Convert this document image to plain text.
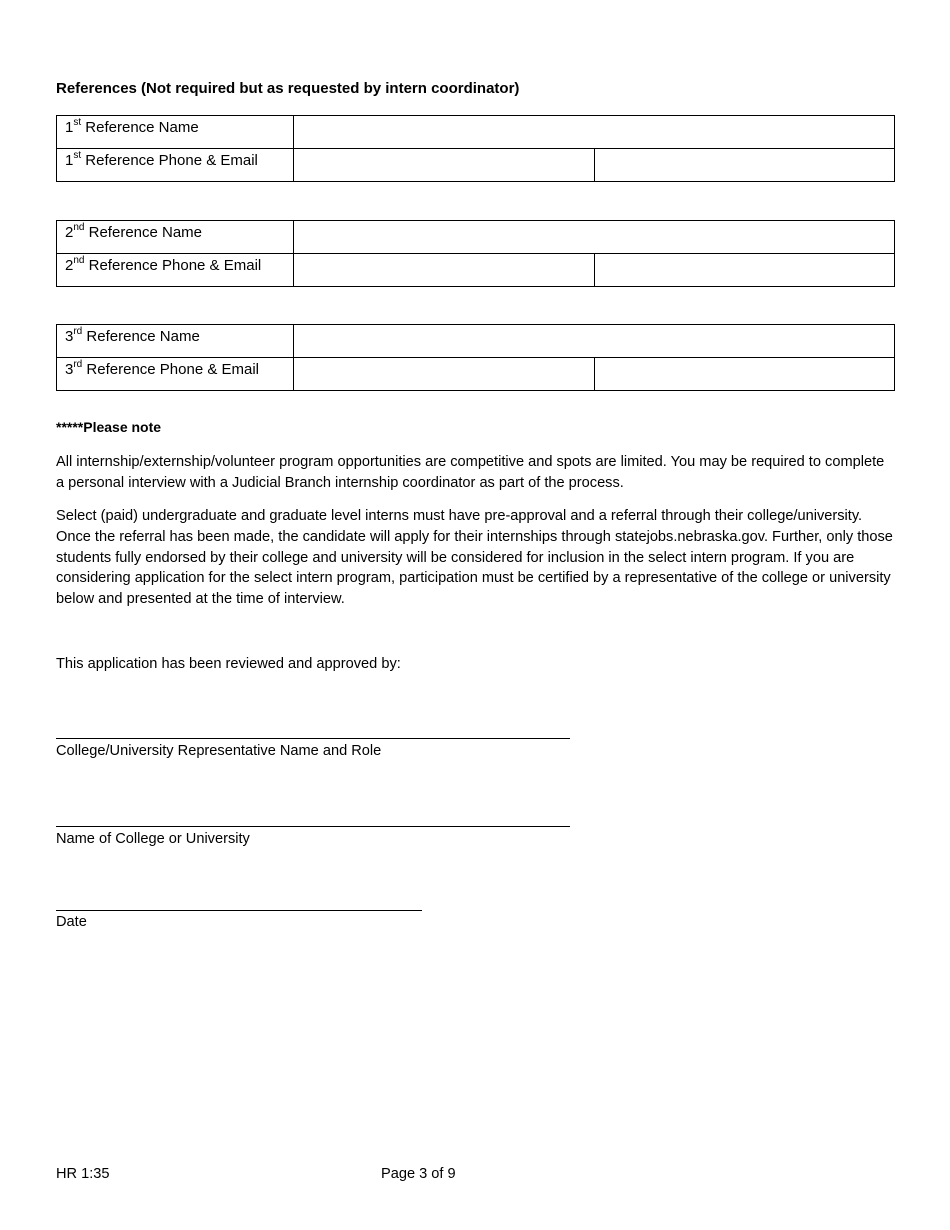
References (Not required but as requested by intern coordinator)
1st Reference Name		
1st Reference Phone & Email		
2nd Reference Name		
2nd Reference Phone & Email		
3rd Reference Name		
3rd Reference Phone & Email		
*****Please note
All internship/externship/volunteer program opportunities are competitive and spots are limited. You may be required to complete a personal interview with a Judicial Branch internship coordinator as part of the process.
Select (paid) undergraduate and graduate level interns must have pre-approval and a referral through their college/university. Once the referral has been made, the candidate will apply for their internships through statejobs.nebraska.gov. Further, only those students fully endorsed by their college and university will be considered for inclusion in the select intern program. If you are considering application for the select intern program, participation must be certified by a representative of the college or university below and presented at the time of interview.
This application has been reviewed and approved by:
College/University Representative Name and Role
Name of College or University
Date
HR 1:35	Page 3 of 9
